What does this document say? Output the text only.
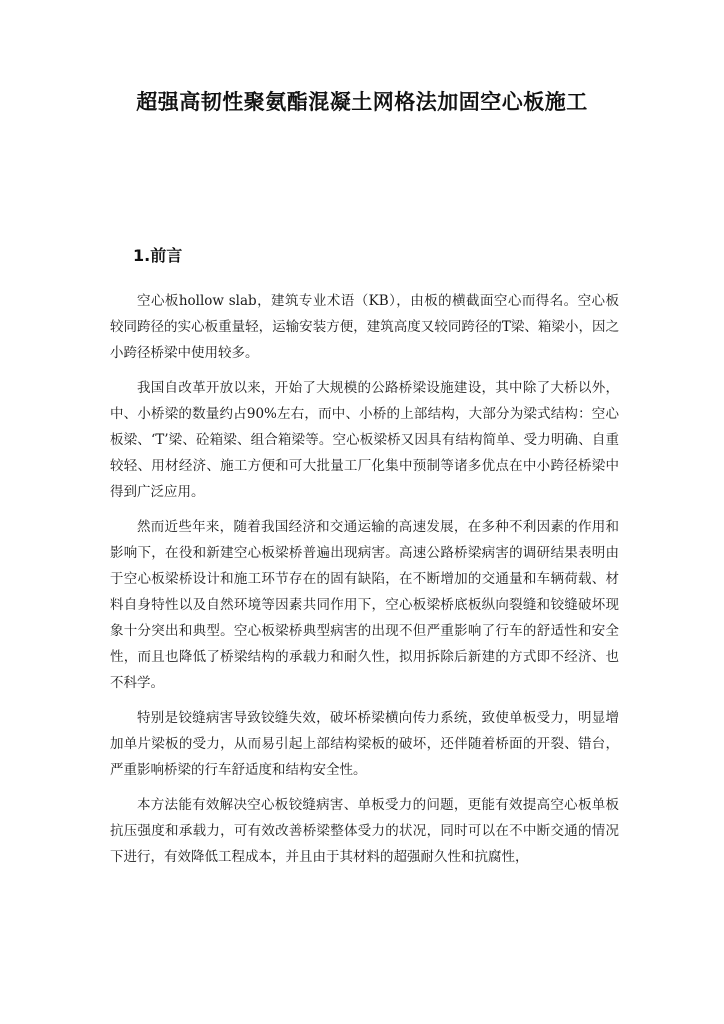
超强高韧性聚氨酯混凝土网格法加固空心板施工
1.前言

空心板hollow slab，建筑专业术语（KB），由板的横截面空心而得名。空心板较同跨径的实心板重量轻，运输安装方便，建筑高度又较同跨径的T梁、箱梁小，因之小跨径桥梁中使用较多。

我国自改革开放以来，开始了大规模的公路桥梁设施建设，其中除了大桥以外，中、小桥梁的数量约占90%左右，而中、小桥的上部结构，大部分为梁式结构：空心板梁、‘T’梁、砼箱梁、组合箱梁等。空心板梁桥又因具有结构简单、受力明确、自重较轻、用材经济、施工方便和可大批量工厂化集中预制等诸多优点在中小跨径桥梁中得到广泛应用。

然而近些年来，随着我国经济和交通运输的高速发展，在多种不利因素的作用和影响下，在役和新建空心板梁桥普遍出现病害。高速公路桥梁病害的调研结果表明由于空心板梁桥设计和施工环节存在的固有缺陷，在不断增加的交通量和车辆荷载、材料自身特性以及自然环境等因素共同作用下，空心板梁桥底板纵向裂缝和铰缝破坏现象十分突出和典型。空心板梁桥典型病害的出现不但严重影响了行车的舒适性和安全性，而且也降低了桥梁结构的承载力和耐久性，拟用拆除后新建的方式即不经济、也不科学。

特别是铰缝病害导致铰缝失效，破坏桥梁横向传力系统，致使单板受力，明显增加单片梁板的受力，从而易引起上部结构梁板的破坏，还伴随着桥面的开裂、错台，严重影响桥梁的行车舒适度和结构安全性。

本方法能有效解决空心板铰缝病害、单板受力的问题，更能有效提高空心板单板抗压强度和承载力，可有效改善桥梁整体受力的状况，同时可以在不中断交通的情况下进行，有效降低工程成本，并且由于其材料的超强耐久性和抗腐性，
